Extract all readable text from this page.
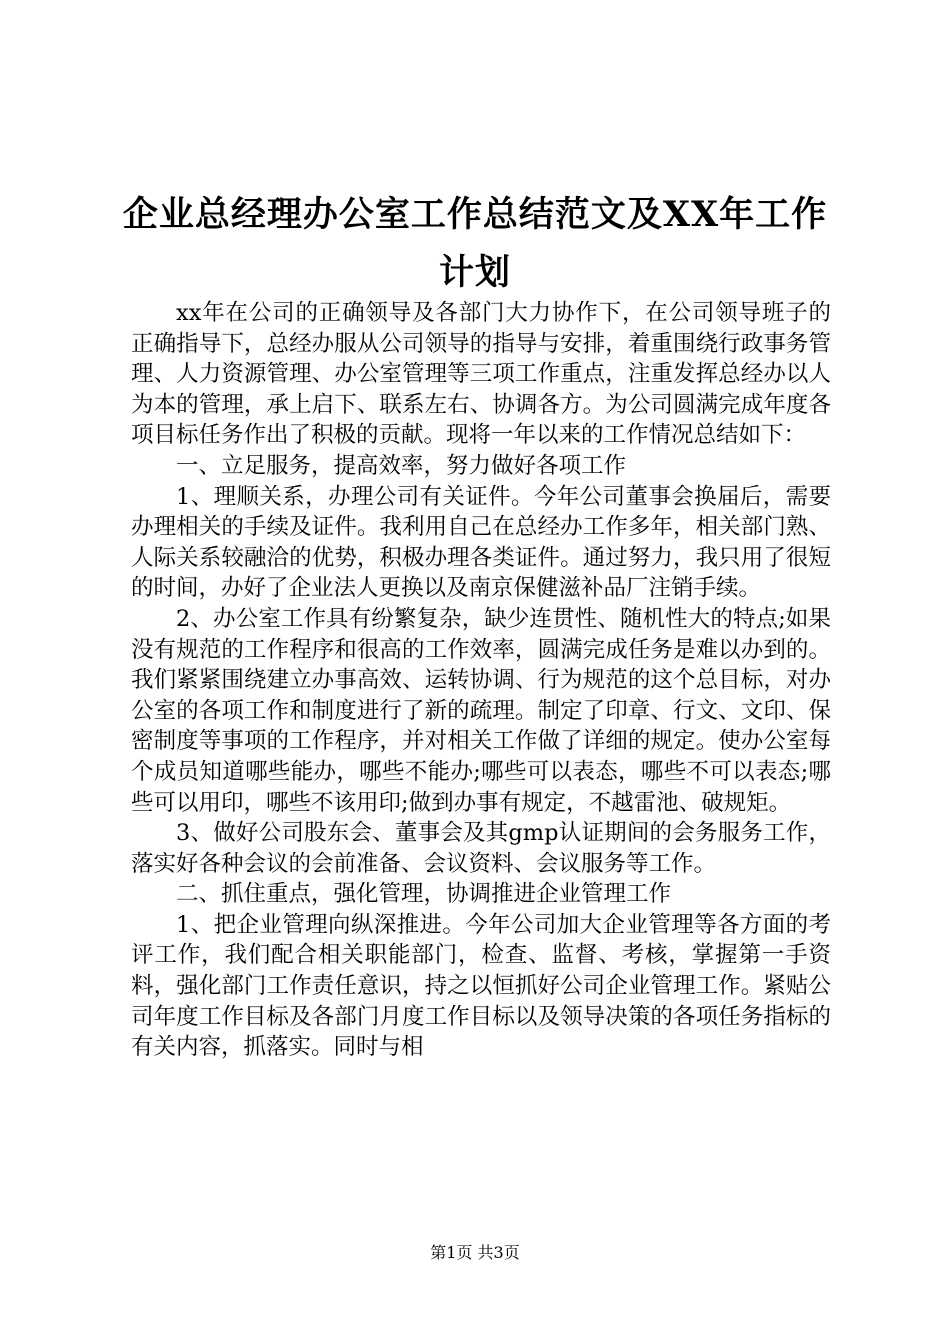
企业总经理办公室工作总结范文及XX年工作
计划

xx年在公司的正确领导及各部门大力协作下，在公司领导班子的正确指导下，总经办服从公司领导的指导与安排，着重围绕行政事务管理、人力资源管理、办公室管理等三项工作重点，注重发挥总经办以人为本的管理，承上启下、联系左右、协调各方。为公司圆满完成年度各项目标任务作出了积极的贡献。现将一年以来的工作情况总结如下：

一、立足服务，提高效率，努力做好各项工作

1、理顺关系，办理公司有关证件。今年公司董事会换届后，需要办理相关的手续及证件。我利用自己在总经办工作多年，相关部门熟、人际关系较融洽的优势，积极办理各类证件。通过努力，我只用了很短的时间，办好了企业法人更换以及南京保健滋补品厂注销手续。

2、办公室工作具有纷繁复杂，缺少连贯性、随机性大的特点;如果没有规范的工作程序和很高的工作效率，圆满完成任务是难以办到的。我们紧紧围绕建立办事高效、运转协调、行为规范的这个总目标，对办公室的各项工作和制度进行了新的疏理。制定了印章、行文、文印、保密制度等事项的工作程序，并对相关工作做了详细的规定。使办公室每个成员知道哪些能办，哪些不能办;哪些可以表态，哪些不可以表态;哪些可以用印，哪些不该用印;做到办事有规定，不越雷池、破规矩。

3、做好公司股东会、董事会及其gmp认证期间的会务服务工作，落实好各种会议的会前准备、会议资料、会议服务等工作。

二、抓住重点，强化管理，协调推进企业管理工作

1、把企业管理向纵深推进。今年公司加大企业管理等各方面的考评工作，我们配合相关职能部门，检查、监督、考核，掌握第一手资料，强化部门工作责任意识，持之以恒抓好公司企业管理工作。紧贴公司年度工作目标及各部门月度工作目标以及领导决策的各项任务指标的有关内容，抓落实。同时与相

第1页 共3页
